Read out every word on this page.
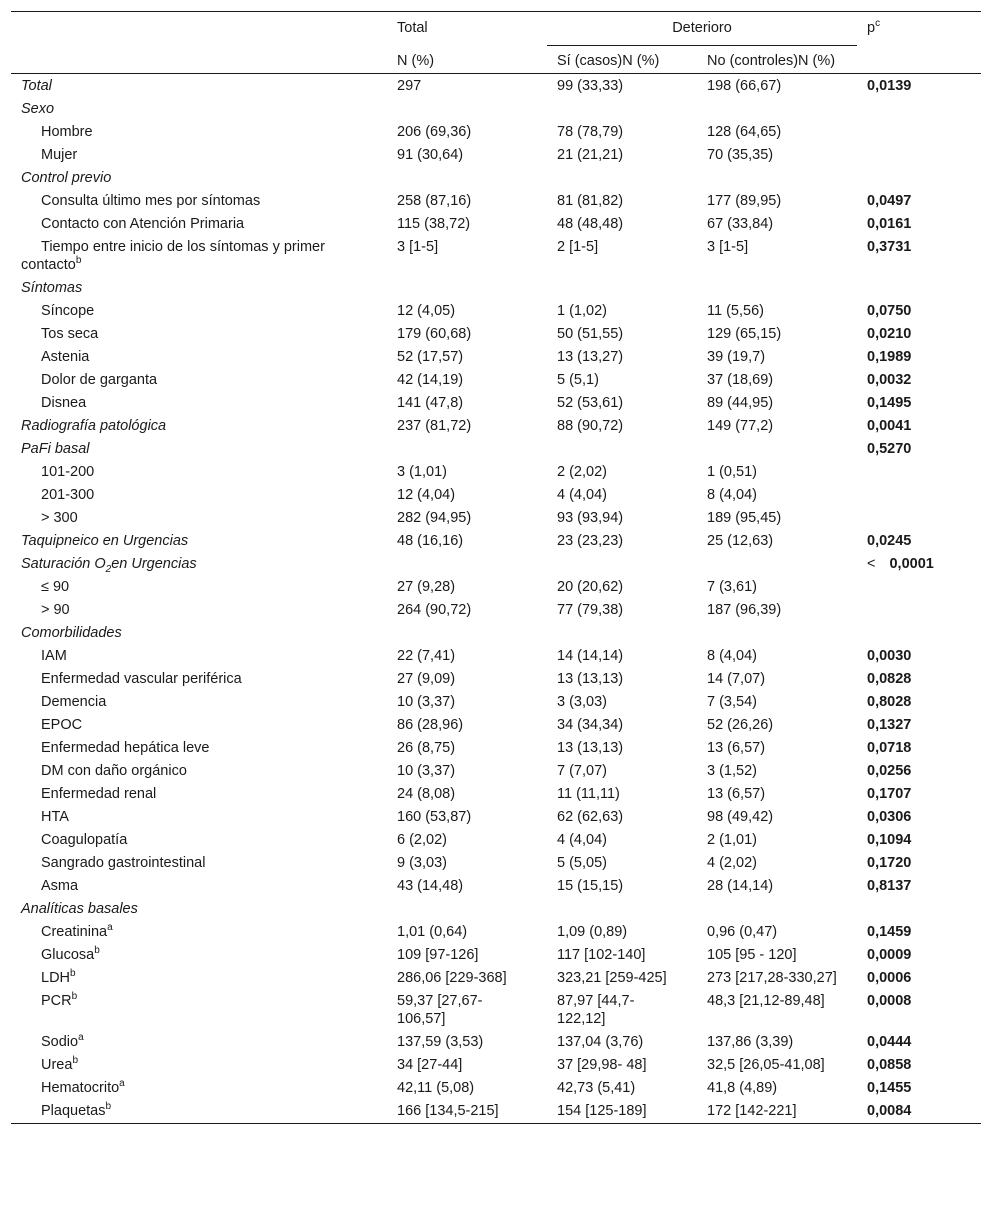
	Total	Deterioro		$p^c$
	N (%)	Sí (casos)N (%)	No (controles)N (%)	
Total	297	99 (33,33)	198 (66,67)	0,0139
Sexo				
Hombre	206 (69,36)	78 (78,79)	128 (64,65)	
Mujer	91 (30,64)	21 (21,21)	70 (35,35)	
Control previo				
Consulta último mes por síntomas	258 (87,16)	81 (81,82)	177 (89,95)	0,0497
Contacto con Atención Primaria	115 (38,72)	48 (48,48)	67 (33,84)	0,0161
Tiempo entre inicio de los síntomas y primer contacto$^b$	3 [1-5]	2 [1-5]	3 [1-5]	0,3731
Síntomas				
Síncope	12 (4,05)	1 (1,02)	11 (5,56)	0,0750
Tos seca	179 (60,68)	50 (51,55)	129 (65,15)	0,0210
Astenia	52 (17,57)	13 (13,27)	39 (19,7)	0,1989
Dolor de garganta	42 (14,19)	5 (5,1)	37 (18,69)	0,0032
Disnea	141 (47,8)	52 (53,61)	89 (44,95)	0,1495
Radiografía patológica	237 (81,72)	88 (90,72)	149 (77,2)	0,0041
PaFi basal				0,5270
101-200	3 (1,01)	2 (2,02)	1 (0,51)	
201-300	12 (4,04)	4 (4,04)	8 (4,04)	
> 300	282 (94,95)	93 (93,94)	189 (95,45)	
Taquipneico en Urgencias	48 (16,16)	23 (23,23)	25 (12,63)	0,0245
Saturación $O_2en$ Urgencias				< 0,0001
≤ 90	27 (9,28)	20 (20,62)	7 (3,61)	
> 90	264 (90,72)	77 (79,38)	187 (96,39)	
Comorbilidades				
IAM	22 (7,41)	14 (14,14)	8 (4,04)	0,0030
Enfermedad vascular periférica	27 (9,09)	13 (13,13)	14 (7,07)	0,0828
Demencia	10 (3,37)	3 (3,03)	7 (3,54)	0,8028
EPOC	86 (28,96)	34 (34,34)	52 (26,26)	0,1327
Enfermedad hepática leve	26 (8,75)	13 (13,13)	13 (6,57)	0,0718
DM con daño orgánico	10 (3,37)	7 (7,07)	3 (1,52)	0,0256
Enfermedad renal	24 (8,08)	11 (11,11)	13 (6,57)	0,1707
HTA	160 (53,87)	62 (62,63)	98 (49,42)	0,0306
Coagulopatía	6 (2,02)	4 (4,04)	2 (1,01)	0,1094
Sangrado gastrointestinal	9 (3,03)	5 (5,05)	4 (2,02)	0,1720
Asma	43 (14,48)	15 (15,15)	28 (14,14)	0,8137
Analíticas basales				
Creatinina$^a$	1,01 (0,64)	1,09 (0,89)	0,96 (0,47)	0,1459
Glucosa$^b$	109 [97-126]	117 [102-140]	105 [95 - 120]	0,0009
LDH$^b$	286,06 [229-368]	323,21 [259-425]	273 [217,28-330,27]	0,0006
PCR$^b$	59,37 [27,67-106,57]	87,97 [44,7-122,12]	48,3 [21,12-89,48]	0,0008
Sodio$^a$	137,59 (3,53)	137,04 (3,76)	137,86 (3,39)	0,0444
Urea$^b$	34 [27-44]	37 [29,98- 48]	32,5 [26,05-41,08]	0,0858
Hematocrito$^a$	42,11 (5,08)	42,73 (5,41)	41,8 (4,89)	0,1455
Plaquetas$^b$	166 [134,5-215]	154 [125-189]	172 [142-221]	0,0084
